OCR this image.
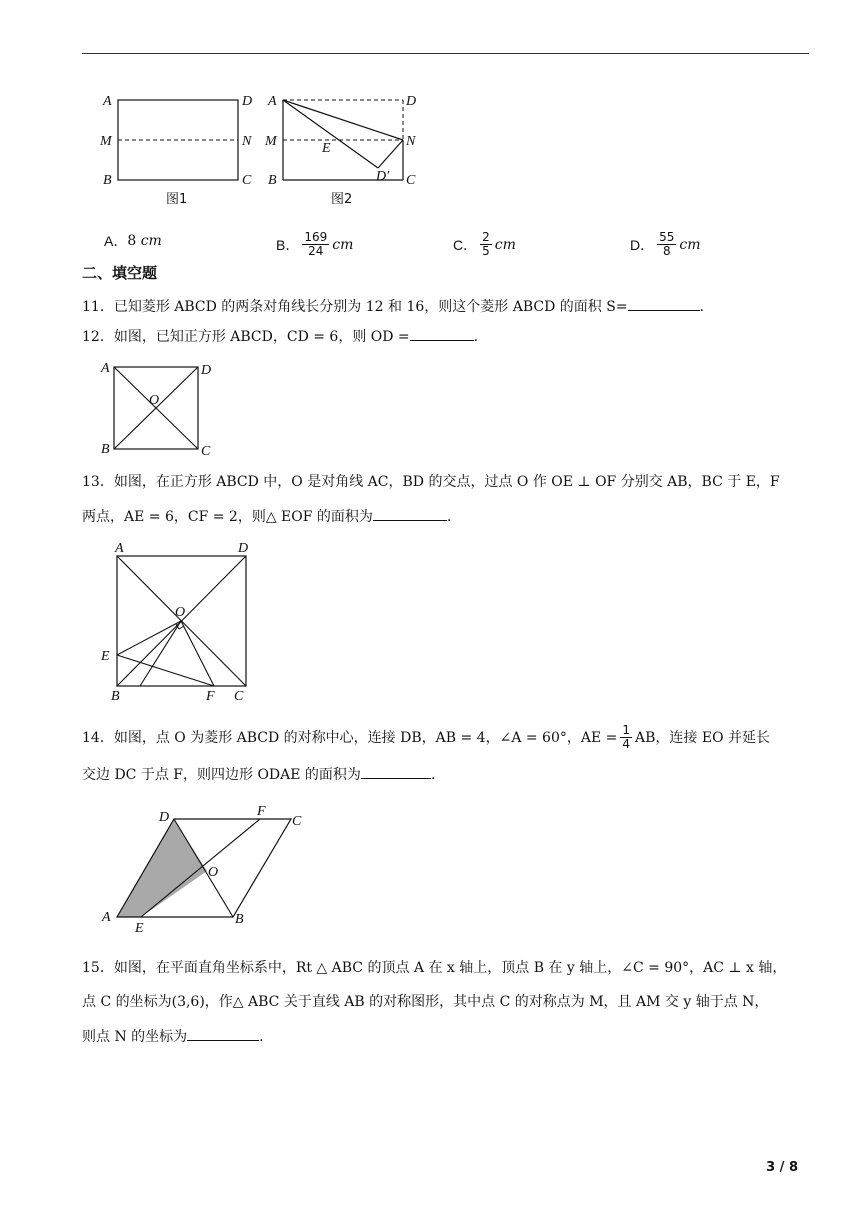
A	D
M	N
B	C
图1
A	D
M	N
E
B	D′ C
图2
A． 8
cm	B． $\frac{169}{24}$ cm	C． $\frac{2}{5}$ cm	D． $\frac{55}{8}$ cm
二、填空题
11．已知菱形 ABCD 的两条对角线长分别为 12 和 16，则这个菱形 ABCD 的面积 S=	.
12．如图，已知正方形 ABCD，CD = 6，则 OD =	.
A	D
O
B	C
13．如图，在正方形 ABCD 中，O 是对角线 AC，BD 的交点，过点 O 作 OE ⊥ OF 分别交 AB，BC 于 E，F
两点，AE = 6，CF = 2，则△ EOF 的面积为	.
A	D
O
E
B	F C
14．如图，点 O 为菱形 ABCD 的对称中心，连接 DB，AB = 4，∠A = 60°，AE = $\frac{1}{4}$ AB，连接 EO 并延长
交边 DC 于点 F，则四边形 ODAE 的面积为	.
D	F
C
O
A
E
B
15．如图，在平面直角坐标系中，Rt △ ABC 的顶点 A 在 x 轴上，顶点 B 在 y 轴上，∠C = 90°，AC ⊥ x 轴，
点 C 的坐标为(3,6)，作△ ABC 关于直线 AB 的对称图形，其中点 C 的对称点为 M，且 AM 交 y 轴于点 N，
则点 N 的坐标为	.
3 / 8
